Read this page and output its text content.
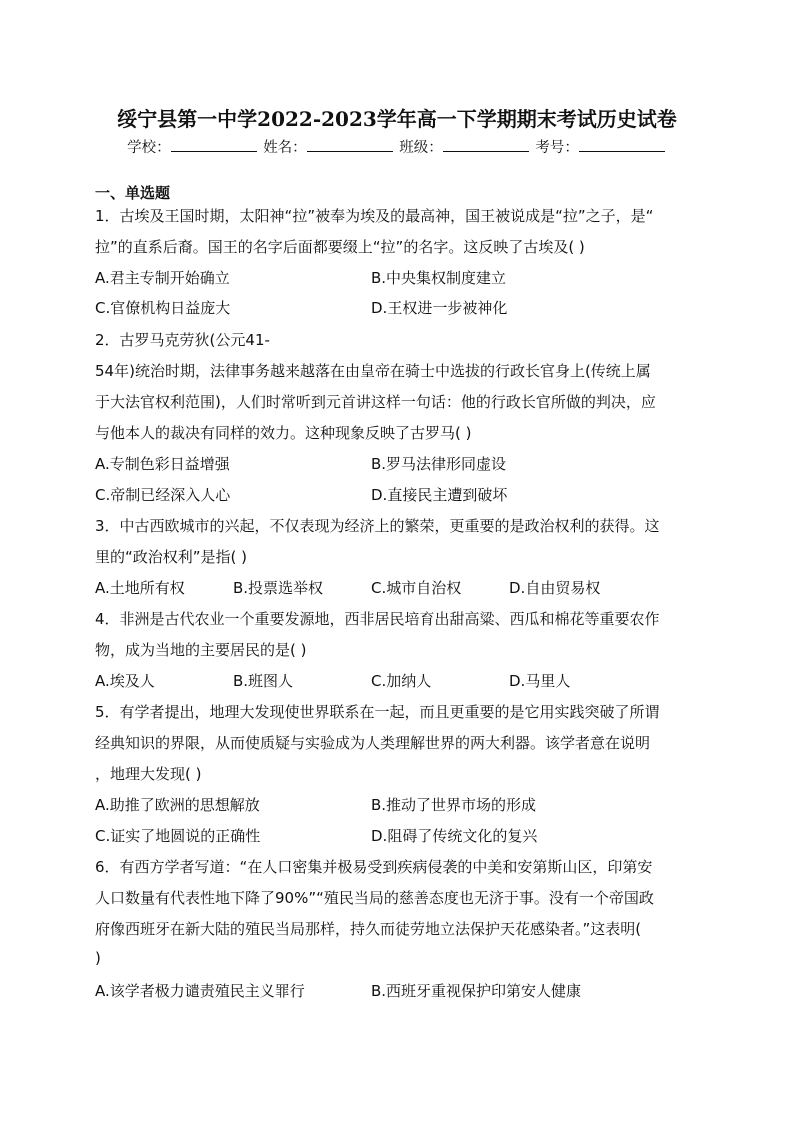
绥宁县第一中学2022-2023学年高一下学期期末考试历史试卷
学校：	姓名：	班级：	考号：
一、单选题
1．古埃及王国时期，太阳神“拉”被奉为埃及的最高神，国王被说成是“拉”之子，是“
拉”的直系后裔。国王的名字后面都要缀上“拉”的名字。这反映了古埃及( )
A.君主专制开始确立	B.中央集权制度建立
C.官僚机构日益庞大	D.王权进一步被神化
2．古罗马克劳狄(公元41-
54年)统治时期，法律事务越来越落在由皇帝在骑士中选拔的行政长官身上(传统上属
于大法官权利范围)，人们时常听到元首讲这样一句话：他的行政长官所做的判决，应
与他本人的裁决有同样的效力。这种现象反映了古罗马( )
A.专制色彩日益增强	B.罗马法律形同虚设
C.帝制已经深入人心	D.直接民主遭到破坏
3．中古西欧城市的兴起，不仅表现为经济上的繁荣，更重要的是政治权利的获得。这
里的“政治权利”是指( )
A.土地所有权	B.投票选举权	C.城市自治权	D.自由贸易权
4．非洲是古代农业一个重要发源地，西非居民培育出甜高粱、西瓜和棉花等重要农作
物，成为当地的主要居民的是( )
A.埃及人	B.班图人	C.加纳人	D.马里人
5．有学者提出，地理大发现使世界联系在一起，而且更重要的是它用实践突破了所谓
经典知识的界限，从而使质疑与实验成为人类理解世界的两大利器。该学者意在说明
，地理大发现( )
A.助推了欧洲的思想解放	B.推动了世界市场的形成
C.证实了地圆说的正确性	D.阻碍了传统文化的复兴
6．有西方学者写道：“在人口密集并极易受到疾病侵袭的中美和安第斯山区，印第安
人口数量有代表性地下降了90%”“殖民当局的慈善态度也无济于事。没有一个帝国政
府像西班牙在新大陆的殖民当局那样，持久而徒劳地立法保护天花感染者。”这表明(
)
A.该学者极力谴责殖民主义罪行	B.西班牙重视保护印第安人健康
